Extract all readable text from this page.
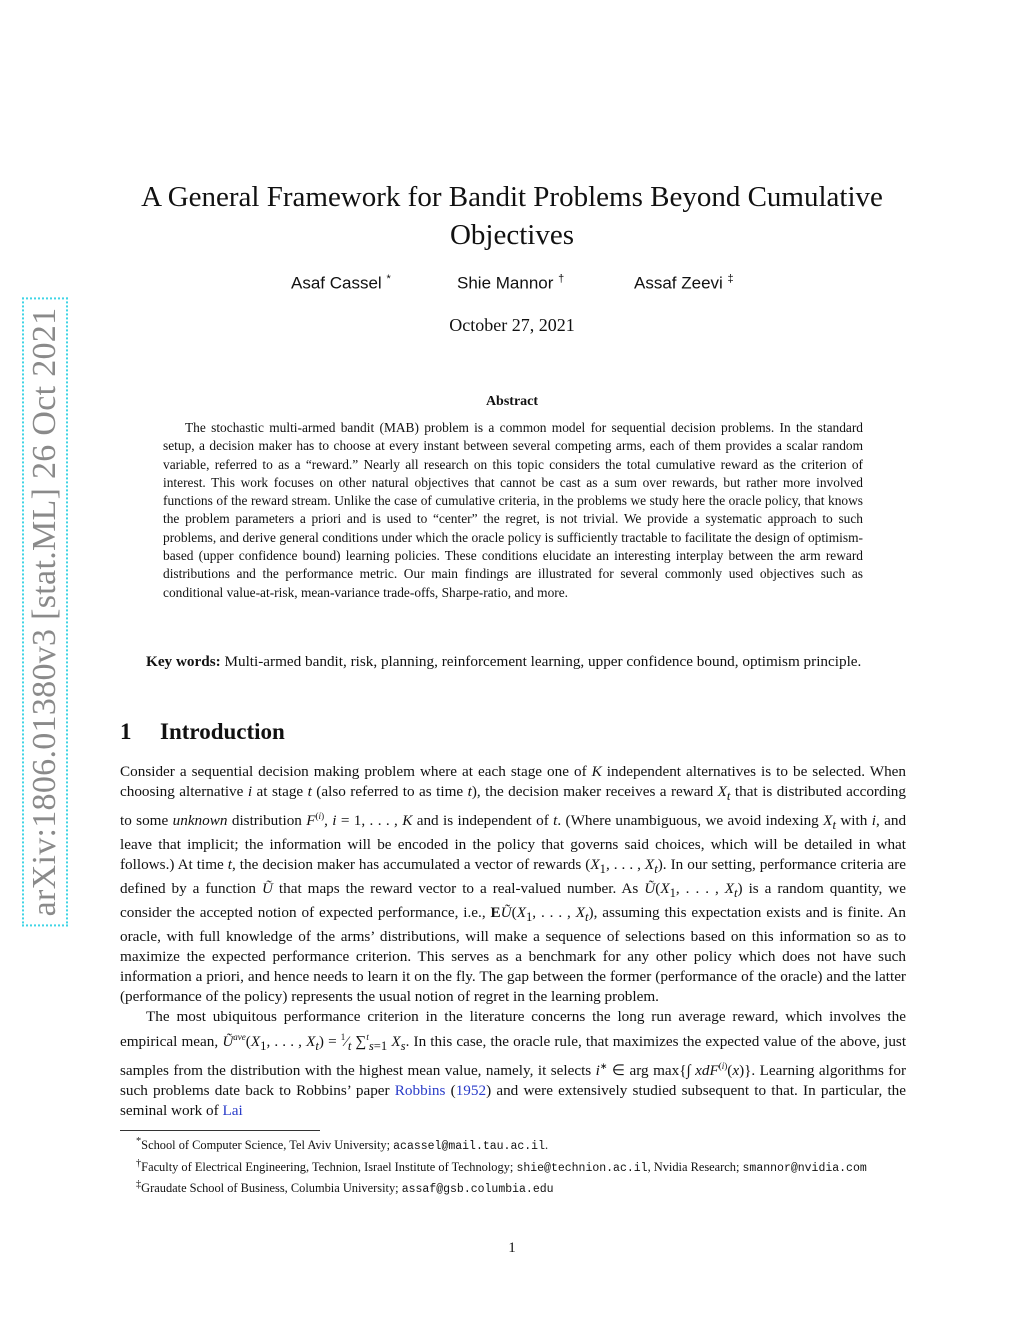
arXiv:1806.01380v3 [stat.ML] 26 Oct 2021
A General Framework for Bandit Problems Beyond Cumulative Objectives
Asaf Cassel *	Shie Mannor †	Assaf Zeevi ‡
October 27, 2021
Abstract

The stochastic multi-armed bandit (MAB) problem is a common model for sequential decision problems. In the standard setup, a decision maker has to choose at every instant between several competing arms, each of them provides a scalar random variable, referred to as a “reward.” Nearly all research on this topic considers the total cumulative reward as the criterion of interest. This work focuses on other natural objectives that cannot be cast as a sum over rewards, but rather more involved functions of the reward stream. Unlike the case of cumulative criteria, in the problems we study here the oracle policy, that knows the problem parameters a priori and is used to “center” the regret, is not trivial. We provide a systematic approach to such problems, and derive general conditions under which the oracle policy is sufficiently tractable to facilitate the design of optimism-based (upper confidence bound) learning policies. These conditions elucidate an interesting interplay between the arm reward distributions and the performance metric. Our main findings are illustrated for several commonly used objectives such as conditional value-at-risk, mean-variance trade-offs, Sharpe-ratio, and more.

Key words: Multi-armed bandit, risk, planning, reinforcement learning, upper confidence bound, optimism principle.
1 Introduction

Consider a sequential decision making problem where at each stage one of K independent alternatives is to be selected. When choosing alternative i at stage t (also referred to as time t), the decision maker receives a reward $X_t$ that is distributed according to some unknown distribution $F^{(i)}$, i = 1, . . . , K and is independent of t. (Where unambiguous, we avoid indexing $X_t$ with i, and leave that implicit; the information will be encoded in the policy that governs said choices, which will be detailed in what follows.) At time t, the decision maker has accumulated a vector of rewards ($X_1$, . . . , $X_t$). In our setting, performance criteria are defined by a function Ũ that maps the reward vector to a real-valued number. As $Ũ(X_1$, . . . , $X_t$) is a random quantity, we consider the accepted notion of expected performance, i.e., $EŨ(X_1$, . . . , $X_t$), assuming this expectation exists and is finite. An oracle, with full knowledge of the arms’ distributions, will make a sequence of selections based on this information so as to maximize the expected performance criterion. This serves as a benchmark for any other policy which does not have such information a priori, and hence needs to learn it on the fly. The gap between the former (performance of the oracle) and the latter (performance of the policy) represents the usual notion of regret in the learning problem.

The most ubiquitous performance criterion in the literature concerns the long run average reward, which involves the empirical mean, $Ũ^{ave}(X_1$, . . . , $X_t$) = $^1⁄_t$ ∑$^t_{s=1}$ $X_s$. In this case, the oracle rule, that maximizes the expected value of the above, just samples from the distribution with the highest mean value, namely, it selects i∗ ∈ arg max{∫ xdF$^{(i)}$(x)}. Learning algorithms for such problems date back to Robbins’ paper Robbins (1952) and were extensively studied subsequent to that. In particular, the seminal work of Lai

*School of Computer Science, Tel Aviv University; acassel@mail.tau.ac.il.

†Faculty of Electrical Engineering, Technion, Israel Institute of Technology; shie@technion.ac.il, Nvidia Research; smannor@nvidia.com

‡Graudate School of Business, Columbia University; assaf@gsb.columbia.edu

1
